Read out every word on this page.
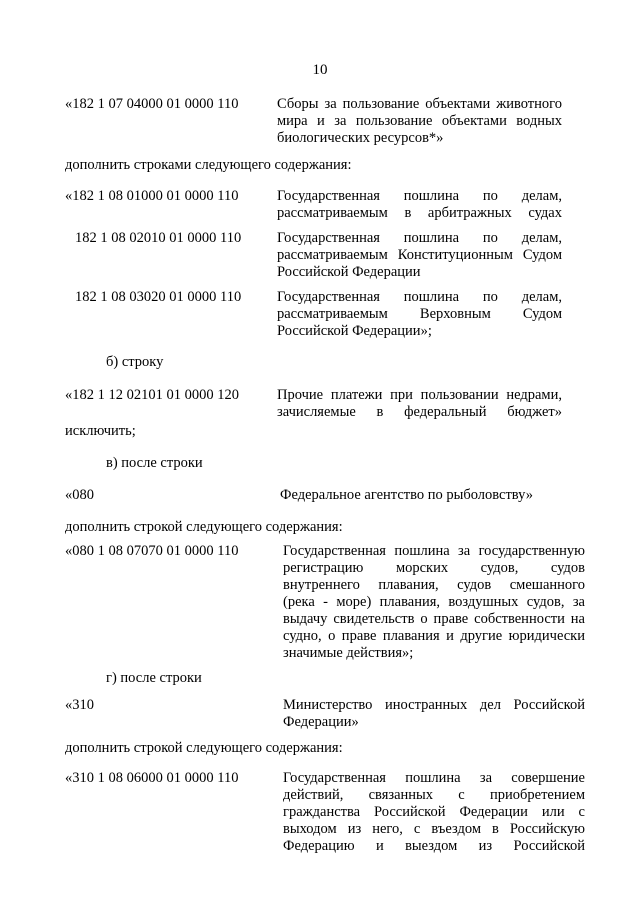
10
«182 1 07 04000 01 0000 110	Сборы за пользование объектами животного
мира и за пользование объектами водных
биологических ресурсов*»
дополнить строками следующего содержания:
«182 1 08 01000 01 0000 110	Государственная пошлина по делам,
рассматриваемым в арбитражных судах
182 1 08 02010 01 0000 110 Государственная пошлина по делам,
рассматриваемым Конституционным Судом
Российской Федерации
182 1 08 03020 01 0000 110 Государственная пошлина по делам,
рассматриваемым Верховным Судом
Российской Федерации»;
б) строку
«182 1 12 02101 01 0000 120	Прочие платежи при пользовании недрами,
зачисляемые в федеральный бюджет»
исключить;
в) после строки
«080	Федеральное агентство по рыболовству»
дополнить строкой следующего содержания:
«080 1 08 07070 01 0000 110	Государственная пошлина за государственную
регистрацию морских судов, судов
внутреннего плавания, судов смешанного
(река - море) плавания, воздушных судов, за
выдачу свидетельств о праве собственности на
судно, о праве плавания и другие юридически
значимые действия»;
г) после строки
«310	Министерство иностранных дел Российской
Федерации»
дополнить строкой следующего содержания:
«310 1 08 06000 01 0000 110	Государственная пошлина за совершение
действий, связанных с приобретением
гражданства Российской Федерации или с
выходом из него, с въездом в Российскую
Федерацию и выездом из Российской
